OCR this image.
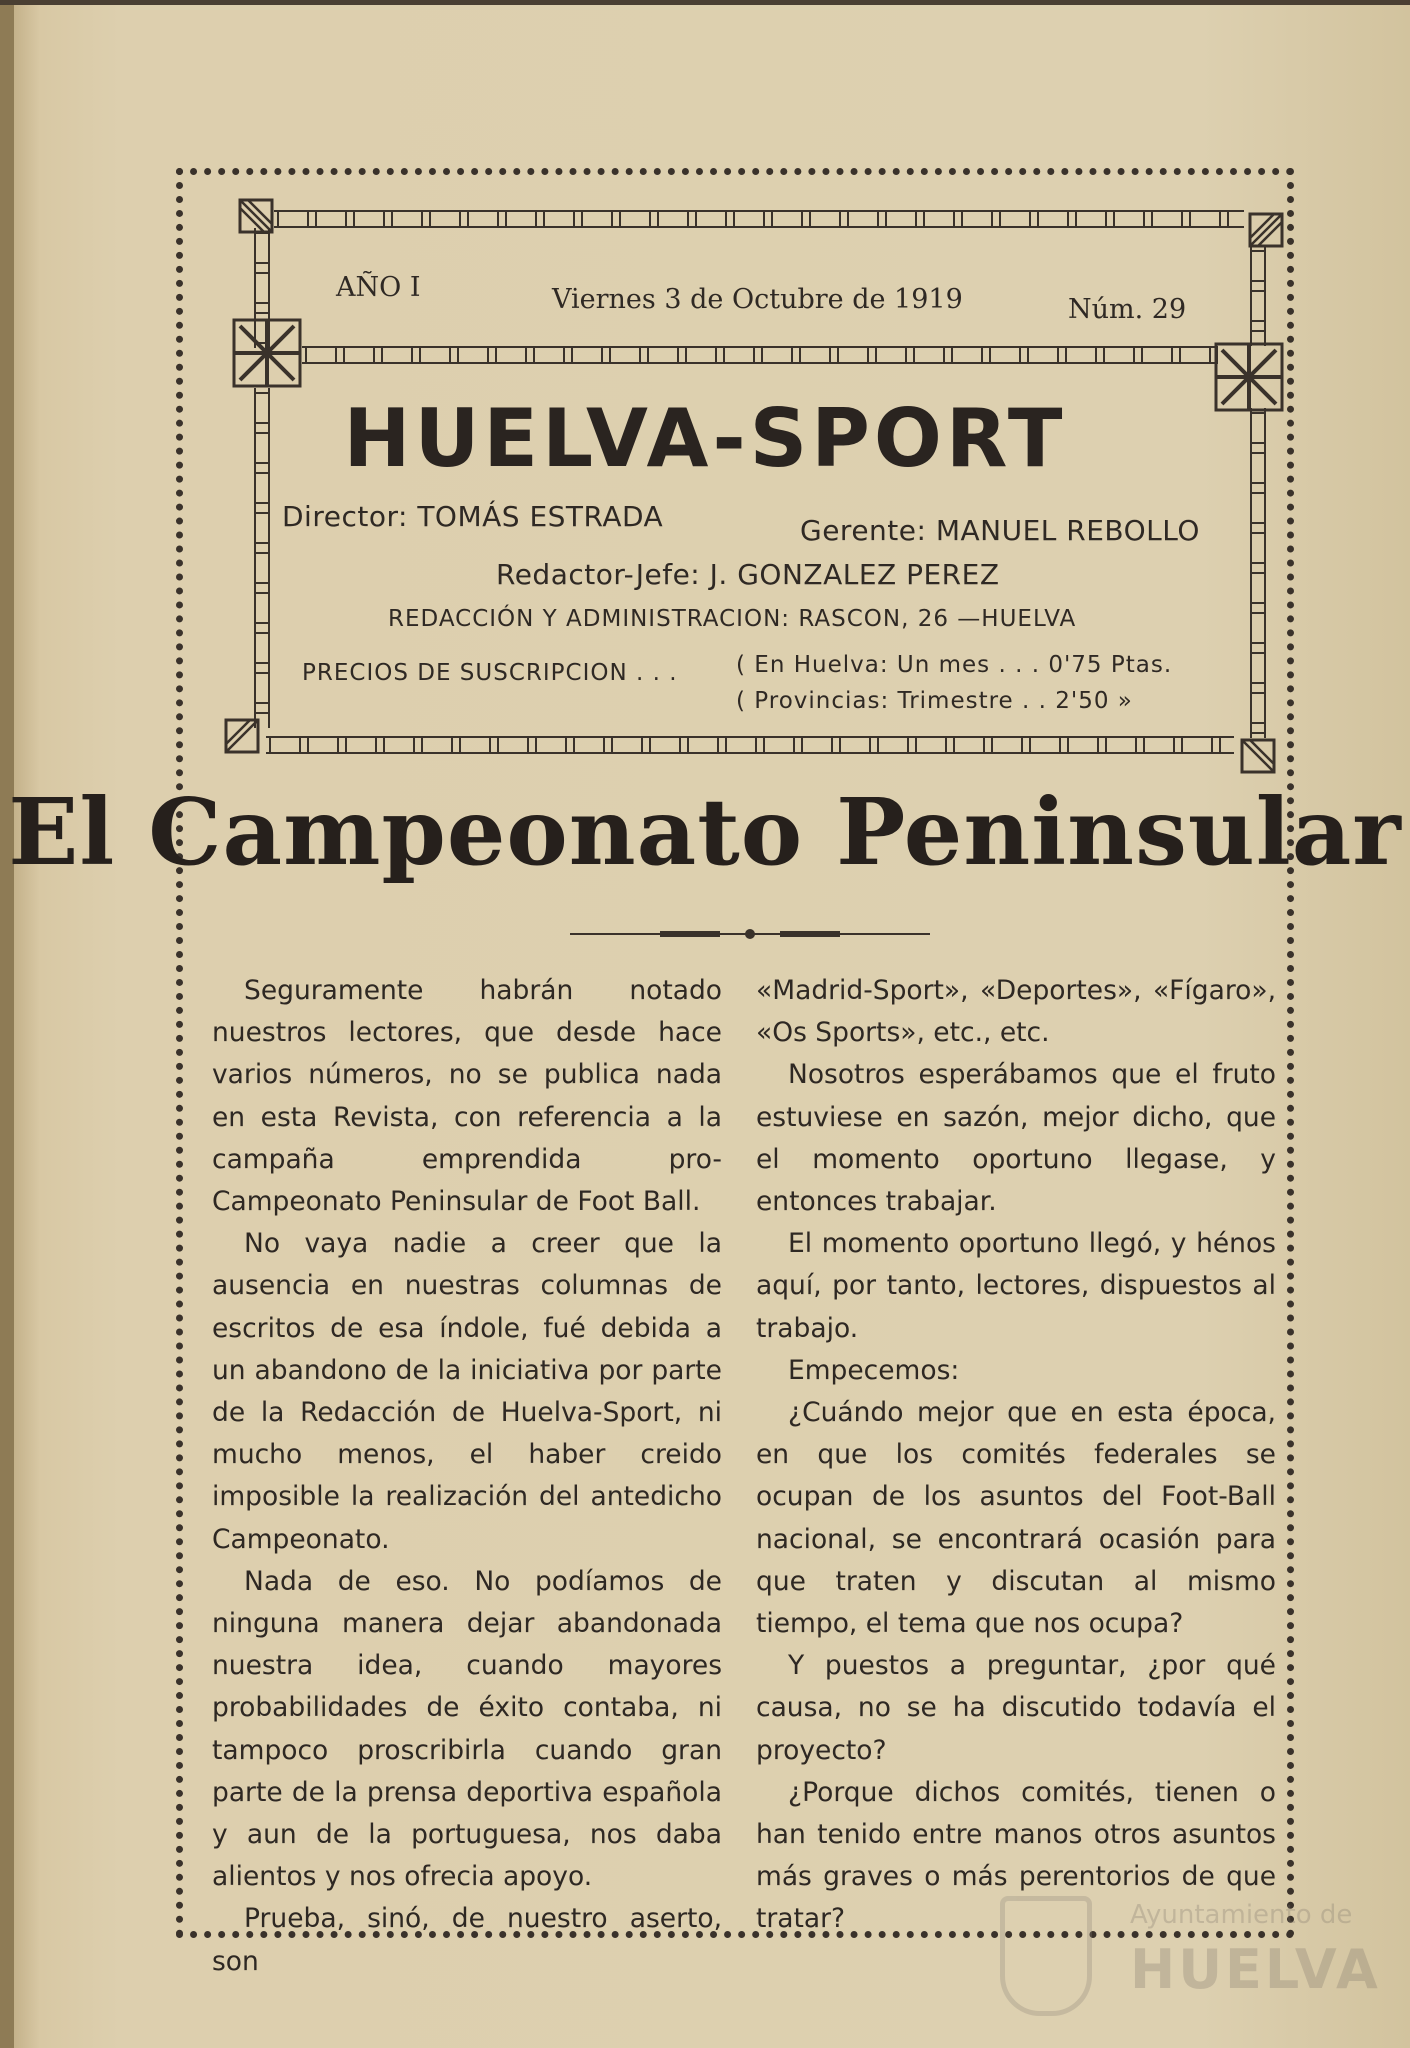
AÑO I	Viernes 3 de Octubre de 1919	Núm. 29
HUELVA-SPORT
Director: TOMÁS ESTRADA	Gerente: MANUEL REBOLLO
Redactor-Jefe: J. GONZALEZ PEREZ
REDACCIÓN Y ADMINISTRACION: RASCON, 26 —HUELVA
PRECIOS DE SUSCRIPCION . . .	( En Huelva: Un mes . . . 0'75 Ptas.
( Provincias: Trimestre . . 2'50 »
El Campeonato Peninsular

Seguramente habrán notado nuestros lectores, que desde hace varios números, no se publica nada en esta Revista, con referencia a la campaña emprendida pro-Campeonato Peninsular de Foot Ball.

No vaya nadie a creer que la ausencia en nuestras columnas de escritos de esa índole, fué debida a un abandono de la iniciativa por parte de la Redacción de Huelva-Sport, ni mucho menos, el haber creido imposible la realización del antedicho Campeonato.

Nada de eso. No podíamos de ninguna manera dejar abandonada nuestra idea, cuando mayores probabilidades de éxito contaba, ni tampoco proscribirla cuando gran parte de la prensa deportiva española y aun de la portuguesa, nos daba alientos y nos ofrecia apoyo.

Prueba, sinó, de nuestro aserto, son

«Madrid-Sport», «Deportes», «Fígaro», «Os Sports», etc., etc.

Nosotros esperábamos que el fruto estuviese en sazón, mejor dicho, que el momento oportuno llegase, y entonces trabajar.

El momento oportuno llegó, y hénos aquí, por tanto, lectores, dispuestos al trabajo.

Empecemos:

¿Cuándo mejor que en esta época, en que los comités federales se ocupan de los asuntos del Foot-Ball nacional, se encontrará ocasión para que traten y discutan al mismo tiempo, el tema que nos ocupa?

Y puestos a preguntar, ¿por qué causa, no se ha discutido todavía el proyecto?

¿Porque dichos comités, tienen o han tenido entre manos otros asuntos más graves o más perentorios de que tratar?	Ayuntamiento de
HUELVA
